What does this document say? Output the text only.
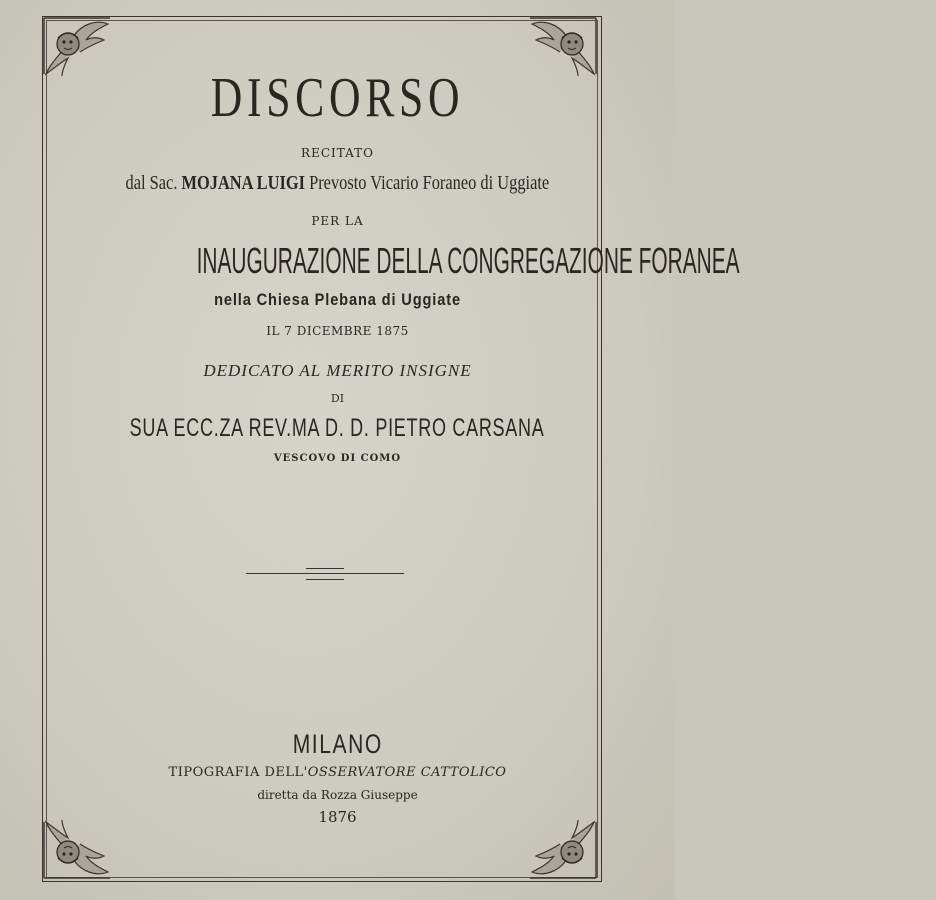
DISCORSO
RECITATO
dal Sac. MOJANA LUIGI Prevosto Vicario Foraneo di Uggiate
PER LA
INAUGURAZIONE DELLA CONGREGAZIONE FORANEA
nella Chiesa Plebana di Uggiate
IL 7 DICEMBRE 1875
DEDICATO AL MERITO INSIGNE
DI
SUA ECC.ZA REV.MA D. D. PIETRO CARSANA
VESCOVO DI COMO
MILANO
TIPOGRAFIA DELL'OSSERVATORE CATTOLICO
diretta da Rozza Giuseppe
1876
